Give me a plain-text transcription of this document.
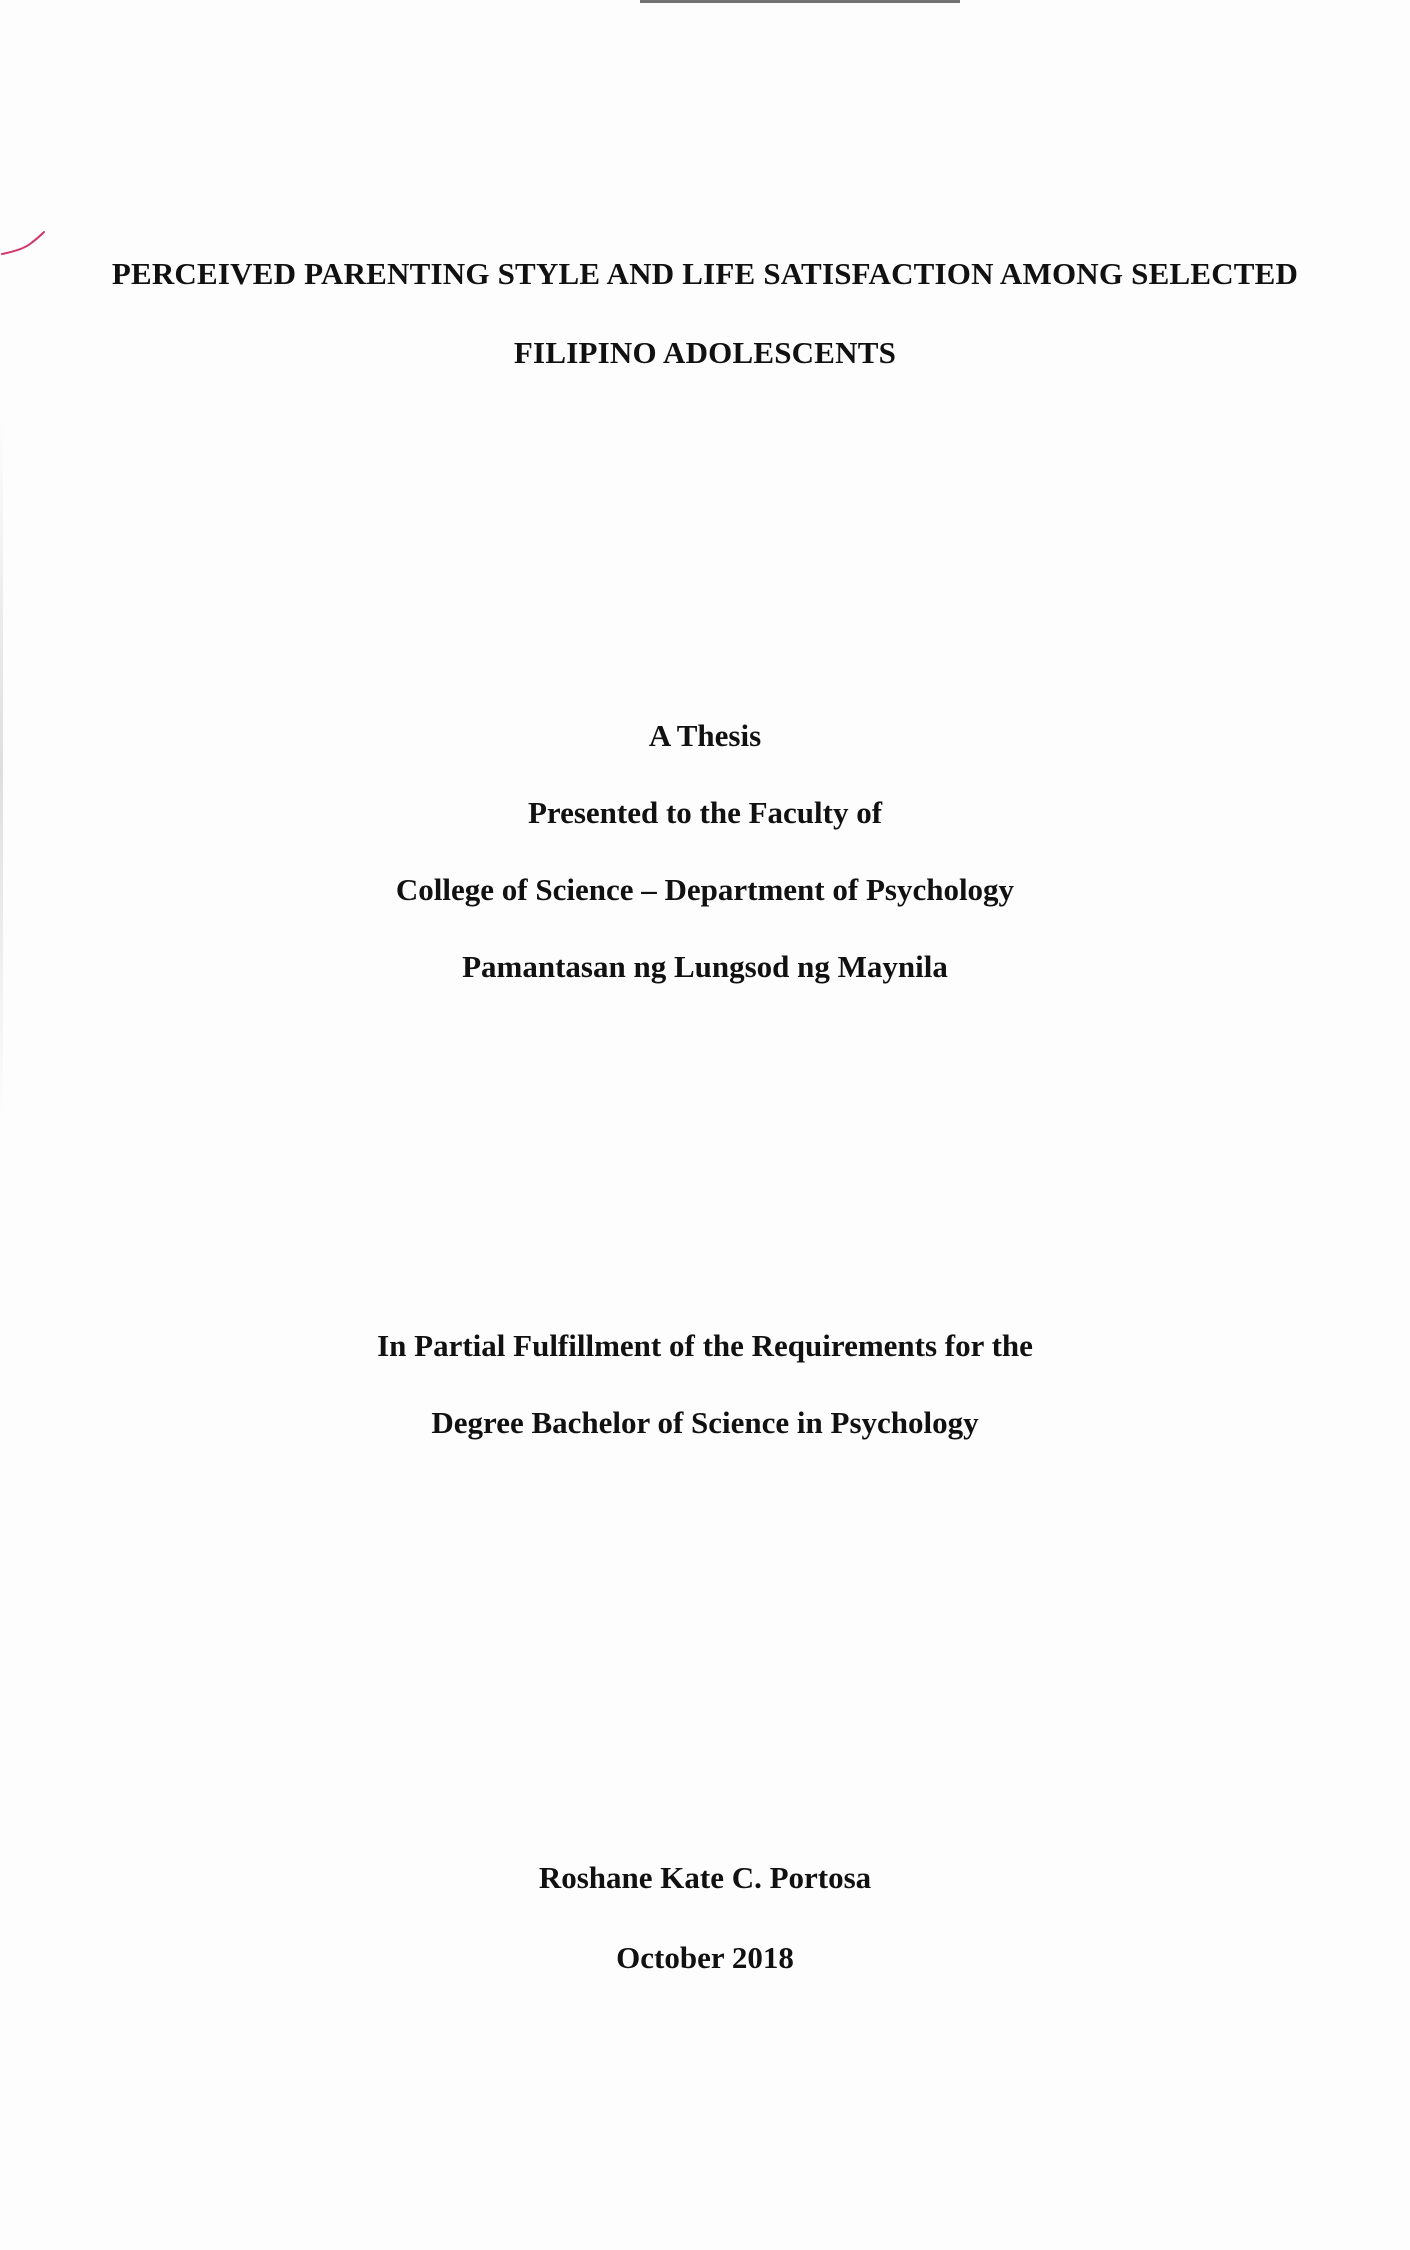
PERCEIVED PARENTING STYLE AND LIFE SATISFACTION AMONG SELECTED
FILIPINO ADOLESCENTS
A Thesis
Presented to the Faculty of
College of Science – Department of Psychology
Pamantasan ng Lungsod ng Maynila
In Partial Fulfillment of the Requirements for the
Degree Bachelor of Science in Psychology
Roshane Kate C. Portosa
October 2018
